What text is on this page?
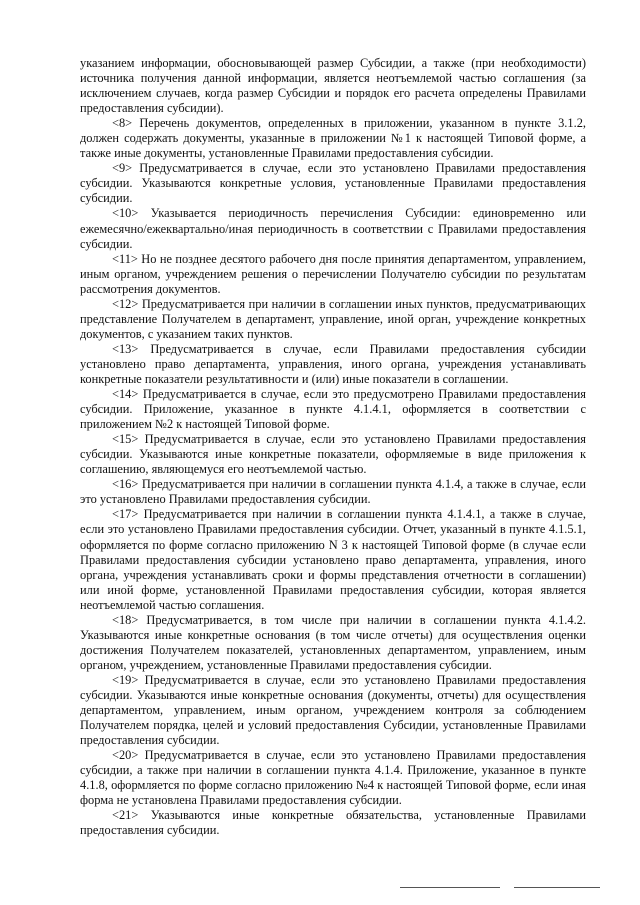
указанием информации, обосновывающей размер Субсидии, а также (при необходимости) источника получения данной информации, является неотъемлемой частью соглашения (за исключением случаев, когда размер Субсидии и порядок его расчета определены Правилами предоставления субсидии).

<8> Перечень документов, определенных в приложении, указанном в пункте 3.1.2, должен содержать документы, указанные в приложении №1 к настоящей Типовой форме, а также иные документы, установленные Правилами предоставления субсидии.

<9> Предусматривается в случае, если это установлено Правилами предоставления субсидии. Указываются конкретные условия, установленные Правилами предоставления субсидии.

<10> Указывается периодичность перечисления Субсидии: единовременно или ежемесячно/ежеквартально/иная периодичность в соответствии с Правилами предоставления субсидии.

<11> Но не позднее десятого рабочего дня после принятия департаментом, управлением, иным органом, учреждением решения о перечислении Получателю субсидии по результатам рассмотрения документов.

<12> Предусматривается при наличии в соглашении иных пунктов, предусматривающих представление Получателем в департамент, управление, иной орган, учреждение конкретных документов, с указанием таких пунктов.

<13> Предусматривается в случае, если Правилами предоставления субсидии установлено право департамента, управления, иного органа, учреждения устанавливать конкретные показатели результативности и (или) иные показатели в соглашении.

<14> Предусматривается в случае, если это предусмотрено Правилами предоставления субсидии. Приложение, указанное в пункте 4.1.4.1, оформляется в соответствии с приложением №2 к настоящей Типовой форме.

<15> Предусматривается в случае, если это установлено Правилами предоставления субсидии. Указываются иные конкретные показатели, оформляемые в виде приложения к соглашению, являющемуся его неотъемлемой частью.

<16> Предусматривается при наличии в соглашении пункта 4.1.4, а также в случае, если это установлено Правилами предоставления субсидии.

<17> Предусматривается при наличии в соглашении пункта 4.1.4.1, а также в случае, если это установлено Правилами предоставления субсидии. Отчет, указанный в пункте 4.1.5.1, оформляется по форме согласно приложению N 3 к настоящей Типовой форме (в случае если Правилами предоставления субсидии установлено право департамента, управления, иного органа, учреждения устанавливать сроки и формы представления отчетности в соглашении) или иной форме, установленной Правилами предоставления субсидии, которая является неотъемлемой частью соглашения.

<18> Предусматривается, в том числе при наличии в соглашении пункта 4.1.4.2. Указываются иные конкретные основания (в том числе отчеты) для осуществления оценки достижения Получателем показателей, установленных департаментом, управлением, иным органом, учреждением, установленные Правилами предоставления субсидии.

<19> Предусматривается в случае, если это установлено Правилами предоставления субсидии. Указываются иные конкретные основания (документы, отчеты) для осуществления департаментом, управлением, иным органом, учреждением контроля за соблюдением Получателем порядка, целей и условий предоставления Субсидии, установленные Правилами предоставления субсидии.

<20> Предусматривается в случае, если это установлено Правилами предоставления субсидии, а также при наличии в соглашении пункта 4.1.4. Приложение, указанное в пункте 4.1.8, оформляется по форме согласно приложению №4 к настоящей Типовой форме, если иная форма не установлена Правилами предоставления субсидии.

<21> Указываются иные конкретные обязательства, установленные Правилами предоставления субсидии.
